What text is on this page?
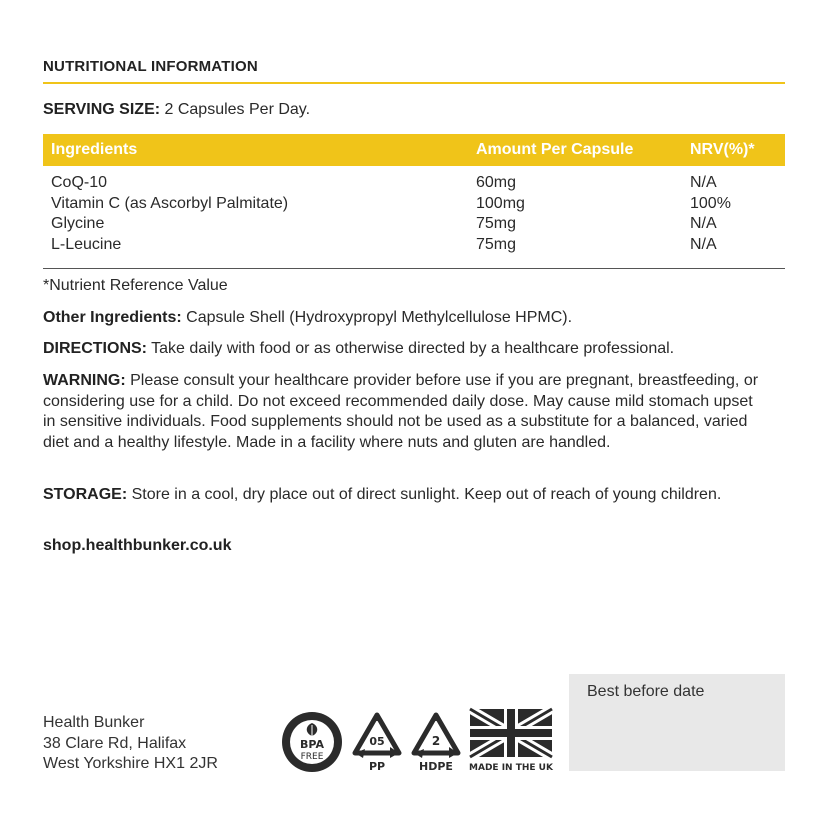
NUTRITIONAL INFORMATION
SERVING SIZE: 2 Capsules Per Day.
Ingredients	Amount Per Capsule	NRV(%)*
CoQ-10	60mg	N/A
Vitamin C (as Ascorbyl Palmitate)	100mg	100%
Glycine	75mg	N/A
L-Leucine	75mg	N/A
*Nutrient Reference Value
Other Ingredients: Capsule Shell (Hydroxypropyl Methylcellulose HPMC).
DIRECTIONS: Take daily with food or as otherwise directed by a healthcare professional.
WARNING: Please consult your healthcare provider before use if you are pregnant, breastfeeding, or considering use for a child. Do not exceed recommended daily dose. May cause mild stomach upset in sensitive individuals. Food supplements should not be used as a substitute for a balanced, varied diet and a healthy lifestyle. Made in a facility where nuts and gluten are handled.
STORAGE: Store in a cool, dry place out of direct sunlight. Keep out of reach of young children.
shop.healthbunker.co.uk
Health Bunker
38 Clare Rd, Halifax
West Yorkshire HX1 2JR
BPA
FREE
05
PP
2
HDPE MADE IN THE UK
Best before date
